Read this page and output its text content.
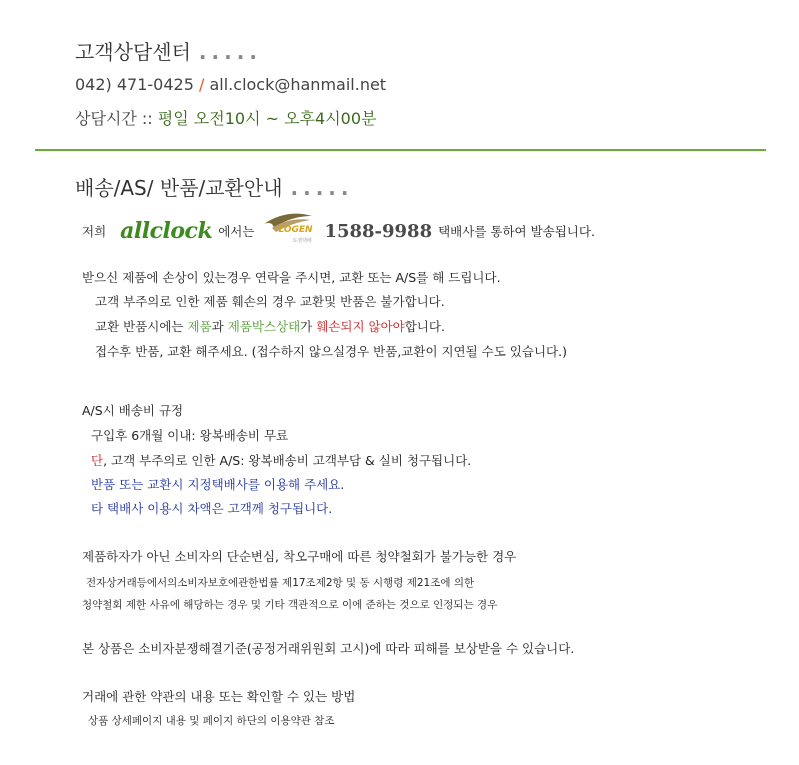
고객상담센터 .....
042) 471-0425 / all.clock@hanmail.net
상담시간 :: 평일 오전10시 ~ 오후4시00분
배송/AS/ 반품/교환안내 .....
저희 allclock 에서는	LOGEN
로젠택배 1588-9988 택배사를 통하여 발송됩니다.
받으신 제품에 손상이 있는경우 연락을 주시면, 교환 또는 A/S를 해 드립니다.
고객 부주의로 인한 제품 훼손의 경우 교환및 반품은 불가합니다.
교환 반품시에는 제품과 제품박스상태가 훼손되지 않아야합니다.
접수후 반품, 교환 해주세요. (접수하지 않으실경우 반품,교환이 지연될 수도 있습니다.)
A/S시 배송비 규정
구입후 6개월 이내: 왕복배송비 무료
단, 고객 부주의로 인한 A/S: 왕복배송비 고객부담 & 실비 청구됩니다.
반품 또는 교환시 지정택배사를 이용해 주세요.
타 택배사 이용시 차액은 고객께 청구됩니다.
제품하자가 아닌 소비자의 단순변심, 착오구매에 따른 청약철회가 불가능한 경우
전자상거래등에서의소비자보호에관한법률 제17조제2항 및 동 시행령 제21조에 의한
청약철회 제한 사유에 해당하는 경우 및 기타 객관적으로 이에 준하는 것으로 인정되는 경우
본 상품은 소비자분쟁해결기준(공정거래위원회 고시)에 따라 피해를 보상받을 수 있습니다.
거래에 관한 약관의 내용 또는 확인할 수 있는 방법
상품 상세페이지 내용 및 페이지 하단의 이용약관 참조
